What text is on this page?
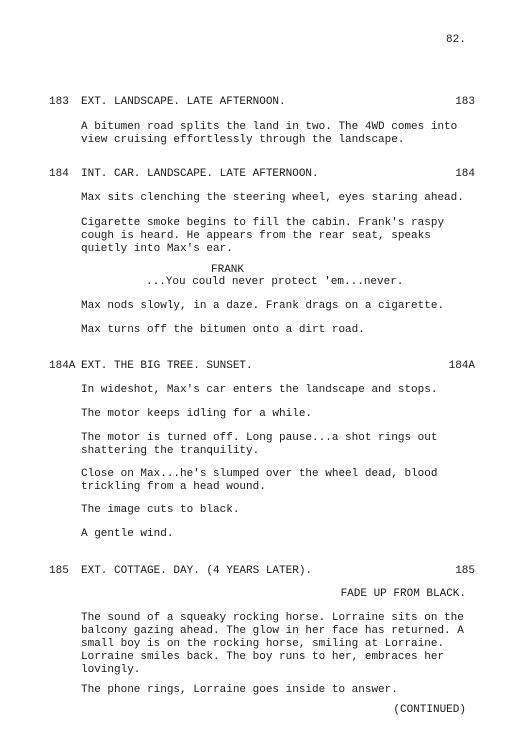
82.
183 EXT. LANDSCAPE. LATE AFTERNOON.	183
A bitumen road splits the land in two. The 4WD comes into view cruising effortlessly through the landscape.
184 INT. CAR. LANDSCAPE. LATE AFTERNOON.	184
Max sits clenching the steering wheel, eyes staring ahead.
Cigarette smoke begins to fill the cabin. Frank's raspy cough is heard. He appears from the rear seat, speaks quietly into Max's ear.
FRANK
...You could never protect 'em...never.
Max nods slowly, in a daze. Frank drags on a cigarette.
Max turns off the bitumen onto a dirt road.
184A EXT. THE BIG TREE. SUNSET.	184A
In wideshot, Max's car enters the landscape and stops.
The motor keeps idling for a while.
The motor is turned off. Long pause...a shot rings out shattering the tranquility.
Close on Max...he's slumped over the wheel dead, blood trickling from a head wound.
The image cuts to black.
A gentle wind.
185 EXT. COTTAGE. DAY. (4 YEARS LATER).	185
FADE UP FROM BLACK.
The sound of a squeaky rocking horse. Lorraine sits on the balcony gazing ahead. The glow in her face has returned. A small boy is on the rocking horse, smiling at Lorraine. Lorraine smiles back. The boy runs to her, embraces her lovingly.
The phone rings, Lorraine goes inside to answer.
(CONTINUED)
